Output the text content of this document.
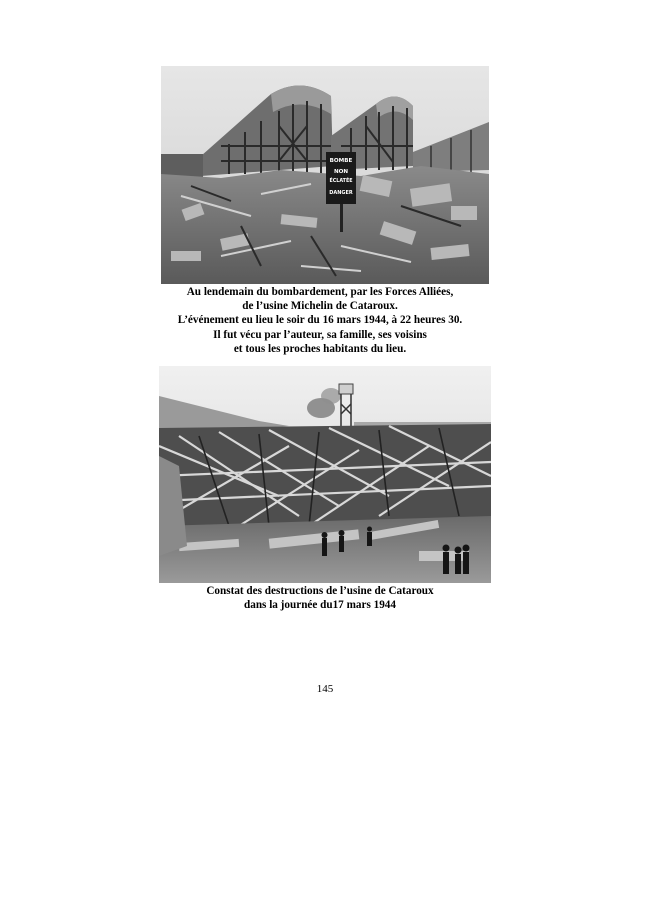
BOMBE
NON
ÉCLATÉE
DANGER
Au lendemain du bombardement, par les Forces Alliées,
de l’usine Michelin de Cataroux.
L’événement eu lieu le soir du 16 mars 1944, à 22 heures 30.
Il fut vécu par l’auteur, sa famille, ses voisins
et tous les proches habitants du lieu.
Constat des destructions de l’usine de Cataroux
dans la journée du17 mars 1944
145
